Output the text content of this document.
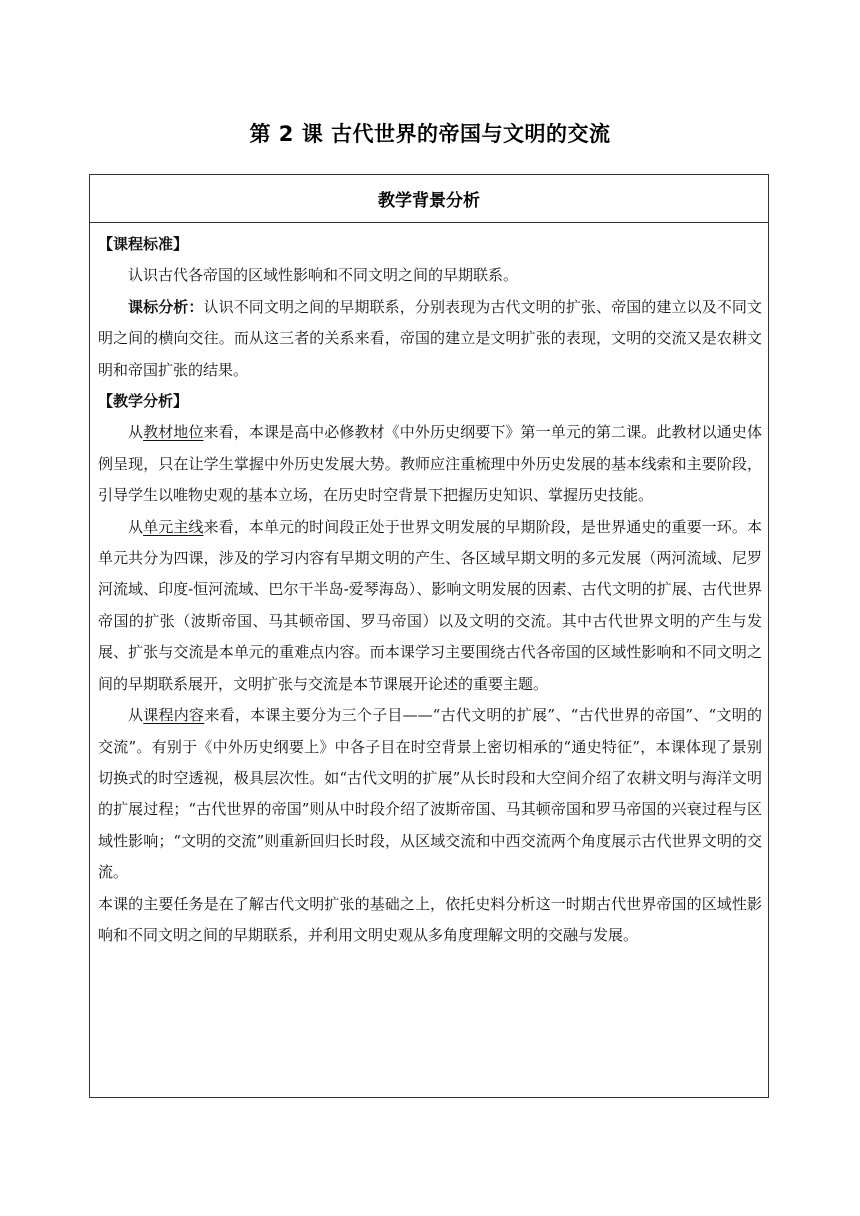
第 2 课 古代世界的帝国与文明的交流
教学背景分析

【课程标准】

认识古代各帝国的区域性影响和不同文明之间的早期联系。

课标分析：认识不同文明之间的早期联系，分别表现为古代文明的扩张、帝国的建立以及不同文明之间的横向交往。而从这三者的关系来看，帝国的建立是文明扩张的表现，文明的交流又是农耕文明和帝国扩张的结果。

【教学分析】

从教材地位来看，本课是高中必修教材《中外历史纲要下》第一单元的第二课。此教材以通史体例呈现，只在让学生掌握中外历史发展大势。教师应注重梳理中外历史发展的基本线索和主要阶段，引导学生以唯物史观的基本立场，在历史时空背景下把握历史知识、掌握历史技能。

从单元主线来看，本单元的时间段正处于世界文明发展的早期阶段，是世界通史的重要一环。本单元共分为四课，涉及的学习内容有早期文明的产生、各区域早期文明的多元发展（两河流域、尼罗河流域、印度-恒河流域、巴尔干半岛-爱琴海岛）、影响文明发展的因素、古代文明的扩展、古代世界帝国的扩张（波斯帝国、马其顿帝国、罗马帝国）以及文明的交流。其中古代世界文明的产生与发展、扩张与交流是本单元的重难点内容。而本课学习主要围绕古代各帝国的区域性影响和不同文明之间的早期联系展开，文明扩张与交流是本节课展开论述的重要主题。

从课程内容来看，本课主要分为三个子目——“古代文明的扩展”、“古代世界的帝国”、“文明的交流”。有别于《中外历史纲要上》中各子目在时空背景上密切相承的“通史特征”，本课体现了景别切换式的时空透视，极具层次性。如“古代文明的扩展”从长时段和大空间介绍了农耕文明与海洋文明的扩展过程；“古代世界的帝国”则从中时段介绍了波斯帝国、马其顿帝国和罗马帝国的兴衰过程与区域性影响；“文明的交流”则重新回归长时段，从区域交流和中西交流两个角度展示古代世界文明的交流。

本课的主要任务是在了解古代文明扩张的基础之上，依托史料分析这一时期古代世界帝国的区域性影响和不同文明之间的早期联系，并利用文明史观从多角度理解文明的交融与发展。
